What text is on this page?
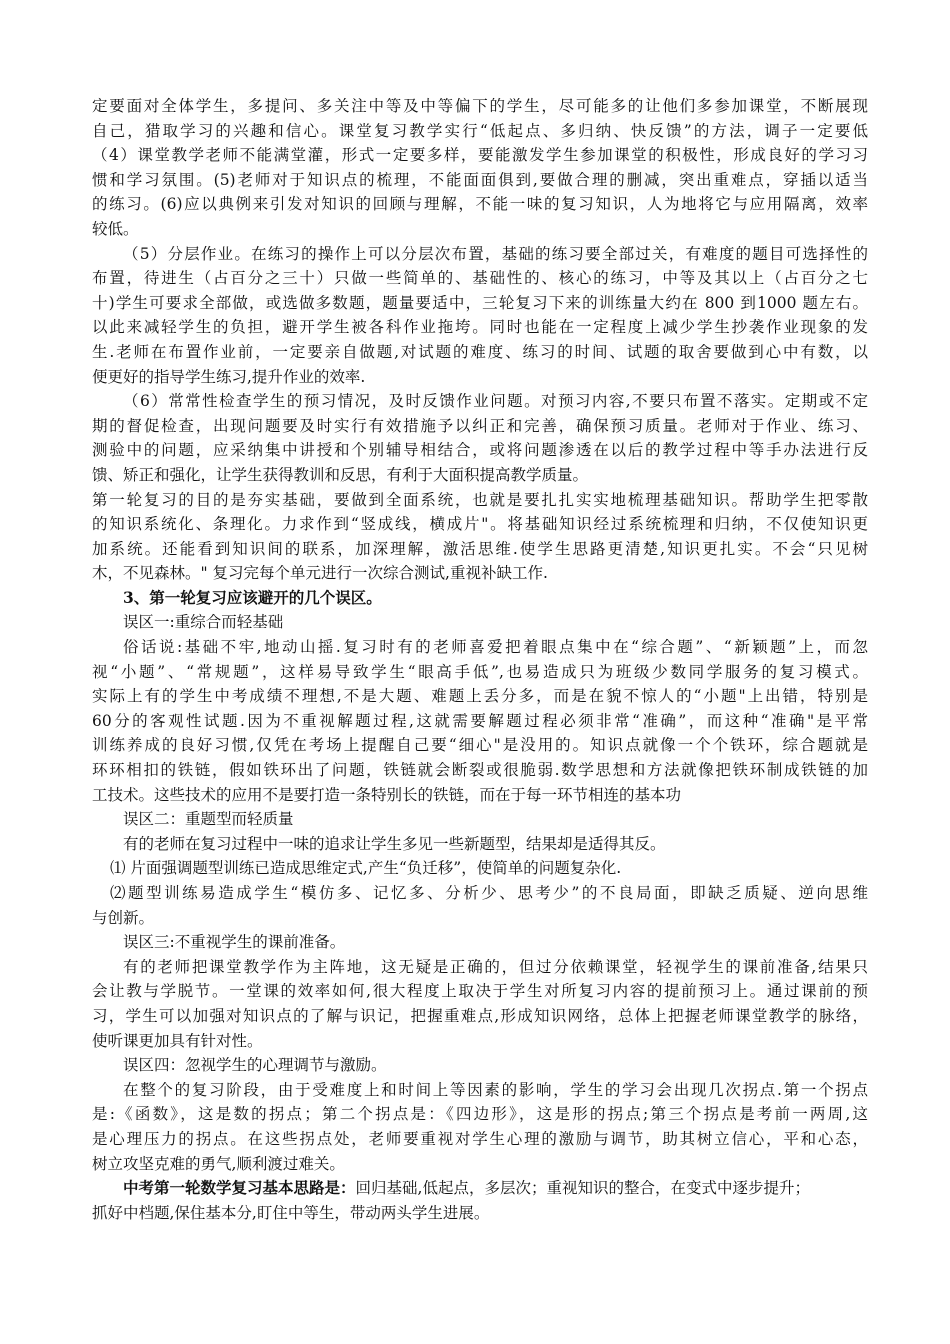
定要面对全体学生，多提问、多关注中等及中等偏下的学生，尽可能多的让他们多参加课堂，不断展现
自己，猎取学习的兴趣和信心。课堂复习教学实行“低起点、多归纳、快反馈”的方法，调子一定要低
（4）课堂教学老师不能满堂灌，形式一定要多样，要能激发学生参加课堂的积极性，形成良好的学习习
惯和学习氛围。(5)老师对于知识点的梳理，不能面面俱到,要做合理的删减，突出重难点，穿插以适当
的练习。(6)应以典例来引发对知识的回顾与理解，不能一味的复习知识，人为地将它与应用隔离，效率
较低。
（5）分层作业。在练习的操作上可以分层次布置，基础的练习要全部过关，有难度的题目可选择性的
布置，待进生（占百分之三十）只做一些简单的、基础性的、核心的练习，中等及其以上（占百分之七
十)学生可要求全部做，或选做多数题，题量要适中，三轮复习下来的训练量大约在 800 到1000 题左右。
以此来减轻学生的负担，避开学生被各科作业拖垮。同时也能在一定程度上减少学生抄袭作业现象的发
生.老师在布置作业前，一定要亲自做题,对试题的难度、练习的时间、试题的取舍要做到心中有数，以
便更好的指导学生练习,提升作业的效率.
（6）常常性检查学生的预习情况，及时反馈作业问题。对预习内容,不要只布置不落实。定期或不定
期的督促检查，出现问题要及时实行有效措施予以纠正和完善，确保预习质量。老师对于作业、练习、
测验中的问题，应采纳集中讲授和个别辅导相结合，或将问题渗透在以后的教学过程中等手办法进行反
馈、矫正和强化，让学生获得教训和反思，有利于大面积提高教学质量。
第一轮复习的目的是夯实基础，要做到全面系统，也就是要扎扎实实地梳理基础知识。帮助学生把零散
的知识系统化、条理化。力求作到“竖成线，横成片"。将基础知识经过系统梳理和归纳，不仅使知识更
加系统。还能看到知识间的联系，加深理解，激活思维.使学生思路更清楚,知识更扎实。不会“只见树
木，不见森林。" 复习完每个单元进行一次综合测试,重视补缺工作.
3、第一轮复习应该避开的几个误区。
误区一:重综合而轻基础
俗话说:基础不牢,地动山摇.复习时有的老师喜爱把着眼点集中在“综合题”、“新颖题”上，而忽
视“小题”、“常规题”，这样易导致学生“眼高手低”,也易造成只为班级少数同学服务的复习模式。
实际上有的学生中考成绩不理想,不是大题、难题上丢分多，而是在貌不惊人的“小题"上出错，特别是
60分的客观性试题.因为不重视解题过程,这就需要解题过程必须非常“准确”，而这种“准确"是平常
训练养成的良好习惯,仅凭在考场上提醒自己要“细心"是没用的。知识点就像一个个铁环，综合题就是
环环相扣的铁链，假如铁环出了问题，铁链就会断裂或很脆弱.数学思想和方法就像把铁环制成铁链的加
工技术。这些技术的应用不是要打造一条特别长的铁链，而在于每一环节相连的基本功
误区二：重题型而轻质量
有的老师在复习过程中一味的追求让学生多见一些新题型，结果却是适得其反。
⑴ 片面强调题型训练已造成思维定式,产生“负迁移”，使简单的问题复杂化.
⑵题型训练易造成学生“模仿多、记忆多、分析少、思考少”的不良局面，即缺乏质疑、逆向思维
与创新。
误区三:不重视学生的课前准备。
有的老师把课堂教学作为主阵地，这无疑是正确的，但过分依赖课堂，轻视学生的课前准备,结果只
会让教与学脱节。一堂课的效率如何,很大程度上取决于学生对所复习内容的提前预习上。通过课前的预
习，学生可以加强对知识点的了解与识记，把握重难点,形成知识网络，总体上把握老师课堂教学的脉络，
使听课更加具有针对性。
误区四：忽视学生的心理调节与激励。
在整个的复习阶段，由于受难度上和时间上等因素的影响，学生的学习会出现几次拐点.第一个拐点
是:《函数》，这是数的拐点；第二个拐点是：《四边形》，这是形的拐点;第三个拐点是考前一两周,这
是心理压力的拐点。在这些拐点处，老师要重视对学生心理的激励与调节，助其树立信心，平和心态，
树立攻坚克难的勇气,顺利渡过难关。
中考第一轮数学复习基本思路是：回归基础,低起点，多层次；重视知识的整合，在变式中逐步提升；
抓好中档题,保住基本分,盯住中等生，带动两头学生进展。
